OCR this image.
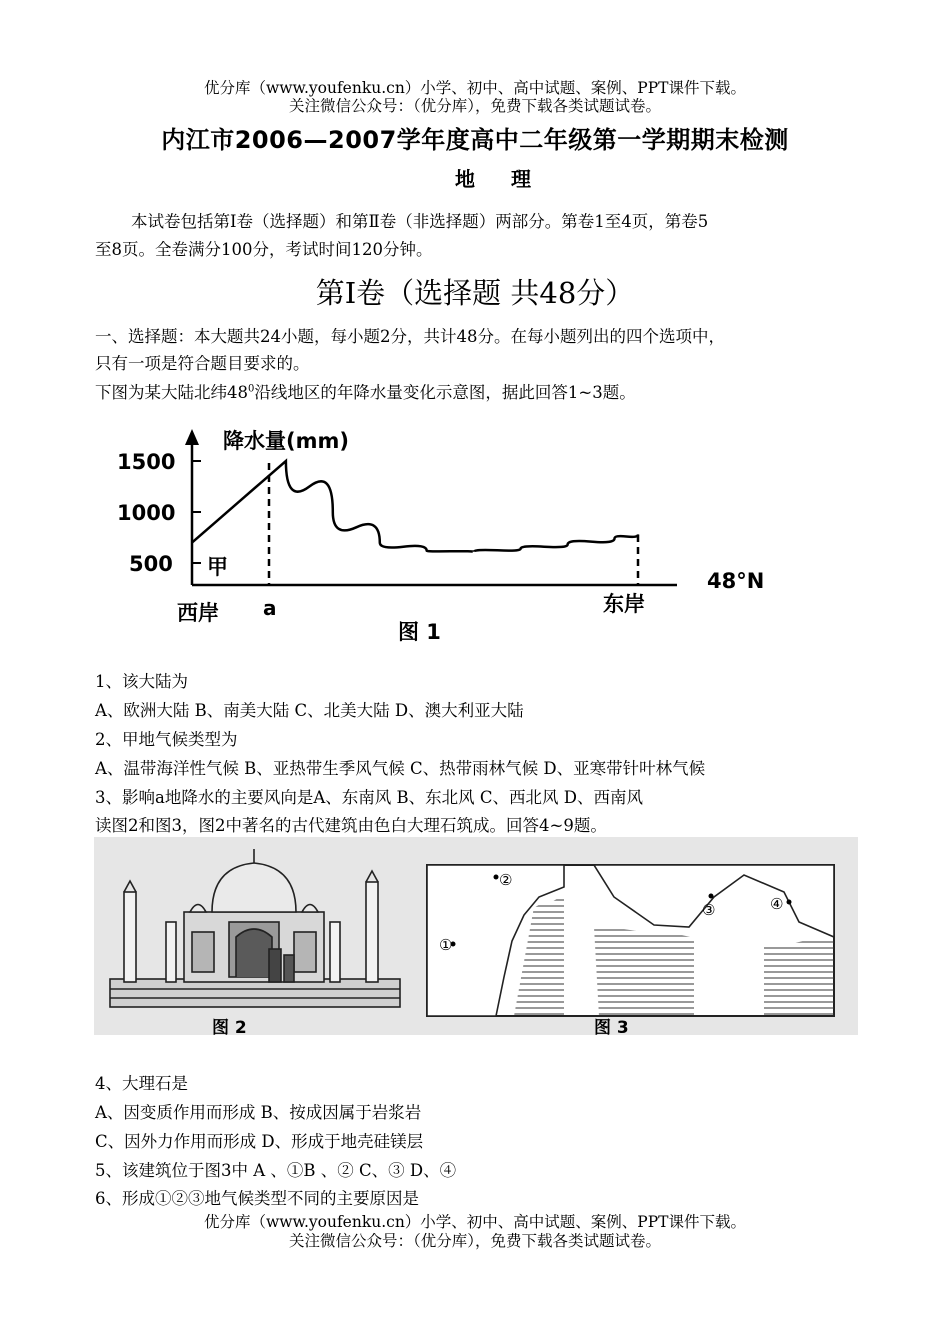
优分库（www.youfenku.cn）小学、初中、高中试题、案例、PPT课件下载。
关注微信公众号：（优分库），免费下载各类试题试卷。
内江市2006—2007学年度高中二年级第一学期期末检测
地理
本试卷包括第Ⅰ卷（选择题）和第Ⅱ卷（非选择题）两部分。第卷1至4页，第卷5
至8页。全卷满分100分，考试时间120分钟。
第Ⅰ卷（选择题 共48分）
一、选择题：本大题共24小题，每小题2分，共计48分。在每小题列出的四个选项中，
只有一项是符合题目要求的。
下图为某大陆北纬$48^0$沿线地区的年降水量变化示意图，据此回答1~3题。
1500
1000
500
降水量(mm)
甲
西岸 a	东岸
48°N
图 1
1、该大陆为
A、欧洲大陆 B、南美大陆 C、北美大陆 D、澳大利亚大陆
2、甲地气候类型为
A、温带海洋性气候 B、亚热带生季风气候 C、热带雨林气候 D、亚寒带针叶林气候
3、影响a地降水的主要风向是A、东南风 B、东北风 C、西北风 D、西南风
读图2和图3，图2中著名的古代建筑由色白大理石筑成。回答4~9题。
图 2
①
②
③	④
图 3
4、大理石是
A、因变质作用而形成 B、按成因属于岩浆岩
C、因外力作用而形成 D、形成于地壳硅镁层
5、该建筑位于图3中 A 、①B 、② C、③ D、④
6、形成①②③地气候类型不同的主要原因是
优分库（www.youfenku.cn）小学、初中、高中试题、案例、PPT课件下载。
关注微信公众号：（优分库），免费下载各类试题试卷。
